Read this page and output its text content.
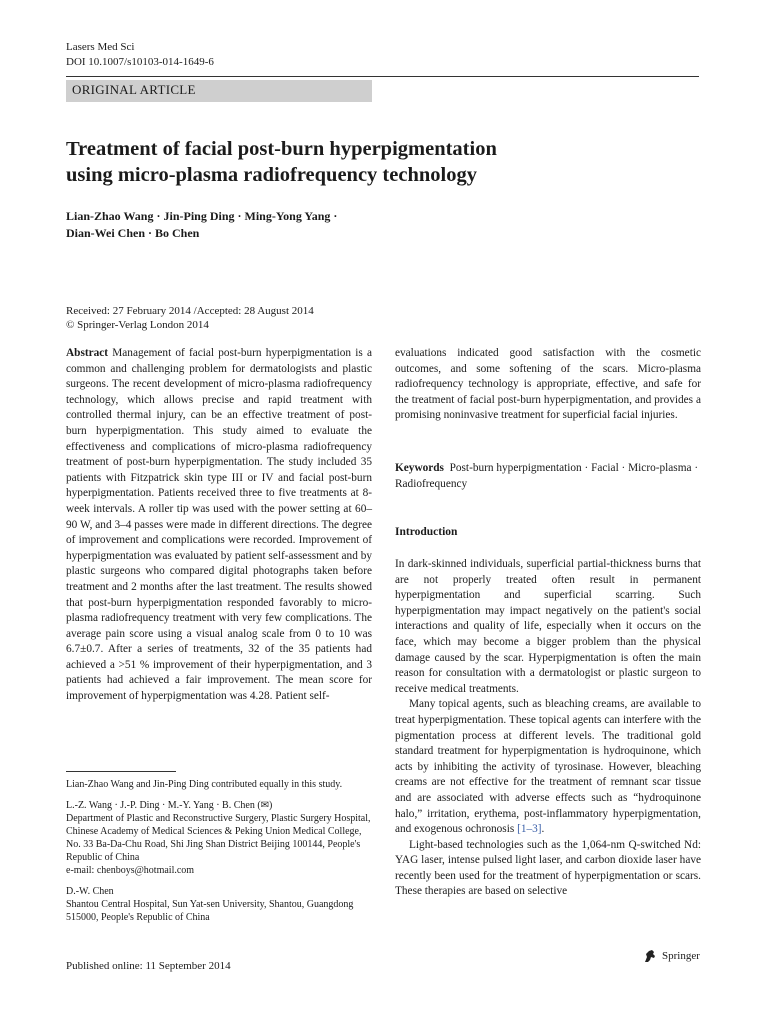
Lasers Med Sci
DOI 10.1007/s10103-014-1649-6
ORIGINAL ARTICLE
Treatment of facial post-burn hyperpigmentation
using micro-plasma radiofrequency technology
Lian-Zhao Wang · Jin-Ping Ding · Ming-Yong Yang ·
Dian-Wei Chen · Bo Chen
Received: 27 February 2014 /Accepted: 28 August 2014
© Springer-Verlag London 2014

Abstract Management of facial post-burn hyperpigmentation is a common and challenging problem for dermatologists and plastic surgeons. The recent development of micro-plasma radiofrequency technology, which allows precise and rapid treatment with controlled thermal injury, can be an effective treatment of post-burn hyperpigmentation. This study aimed to evaluate the effectiveness and complications of micro-plasma radiofrequency treatment of post-burn hyperpigmentation. The study included 35 patients with Fitzpatrick skin type III or IV and facial post-burn hyperpigmentation. Patients received three to five treatments at 8-week intervals. A roller tip was used with the power setting at 60–90 W, and 3–4 passes were made in different directions. The degree of improvement and complications were recorded. Improvement of hyperpigmentation was evaluated by patient self-assessment and by plastic surgeons who compared digital photographs taken before treatment and 2 months after the last treatment. The results showed that post-burn hyperpigmentation responded favorably to micro-plasma radiofrequency treatment with very few complications. The average pain score using a visual analog scale from 0 to 10 was 6.7±0.7. After a series of treatments, 32 of the 35 patients had achieved a >51 % improvement of their hyperpigmentation, and 3 patients had achieved a fair improvement. The mean score for improvement of hyperpigmentation was 4.28. Patient self-

evaluations indicated good satisfaction with the cosmetic outcomes, and some softening of the scars. Micro-plasma radiofrequency technology is appropriate, effective, and safe for the treatment of facial post-burn hyperpigmentation, and provides a promising noninvasive treatment for superficial facial injuries.

Keywords Post-burn hyperpigmentation · Facial · Micro-plasma · Radiofrequency
Introduction

In dark-skinned individuals, superficial partial-thickness burns that are not properly treated often result in permanent hyperpigmentation and superficial scarring. Such hyperpigmentation may impact negatively on the patient's social interactions and quality of life, especially when it occurs on the face, which may become a bigger problem than the physical damage caused by the scar. Hyperpigmentation is often the main reason for consultation with a dermatologist or plastic surgeon to receive medical treatments.

Many topical agents, such as bleaching creams, are available to treat hyperpigmentation. These topical agents can interfere with the pigmentation process at different levels. The traditional gold standard treatment for hyperpigmentation is hydroquinone, which acts by inhibiting the activity of tyrosinase. However, bleaching creams are not effective for the treatment of remnant scar tissue and are associated with adverse effects such as “hydroquinone halo,” irritation, erythema, post-inflammatory hyperpigmentation, and exogenous ochronosis [1–3].

Light-based technologies such as the 1,064-nm Q-switched Nd: YAG laser, intense pulsed light laser, and carbon dioxide laser have recently been used for the treatment of hyperpigmentation or scars. These therapies are based on selective

Lian-Zhao Wang and Jin-Ping Ding contributed equally in this study.

L.-Z. Wang · J.-P. Ding · M.-Y. Yang · B. Chen (✉)
Department of Plastic and Reconstructive Surgery, Plastic Surgery Hospital, Chinese Academy of Medical Sciences & Peking Union Medical College, No. 33 Ba-Da-Chu Road, Shi Jing Shan District Beijing 100144, People's Republic of China
e-mail: chenboys@hotmail.com

D.-W. Chen
Shantou Central Hospital, Sun Yat-sen University, Shantou, Guangdong 515000, People's Republic of China

Published online: 11 September 2014
Springer
